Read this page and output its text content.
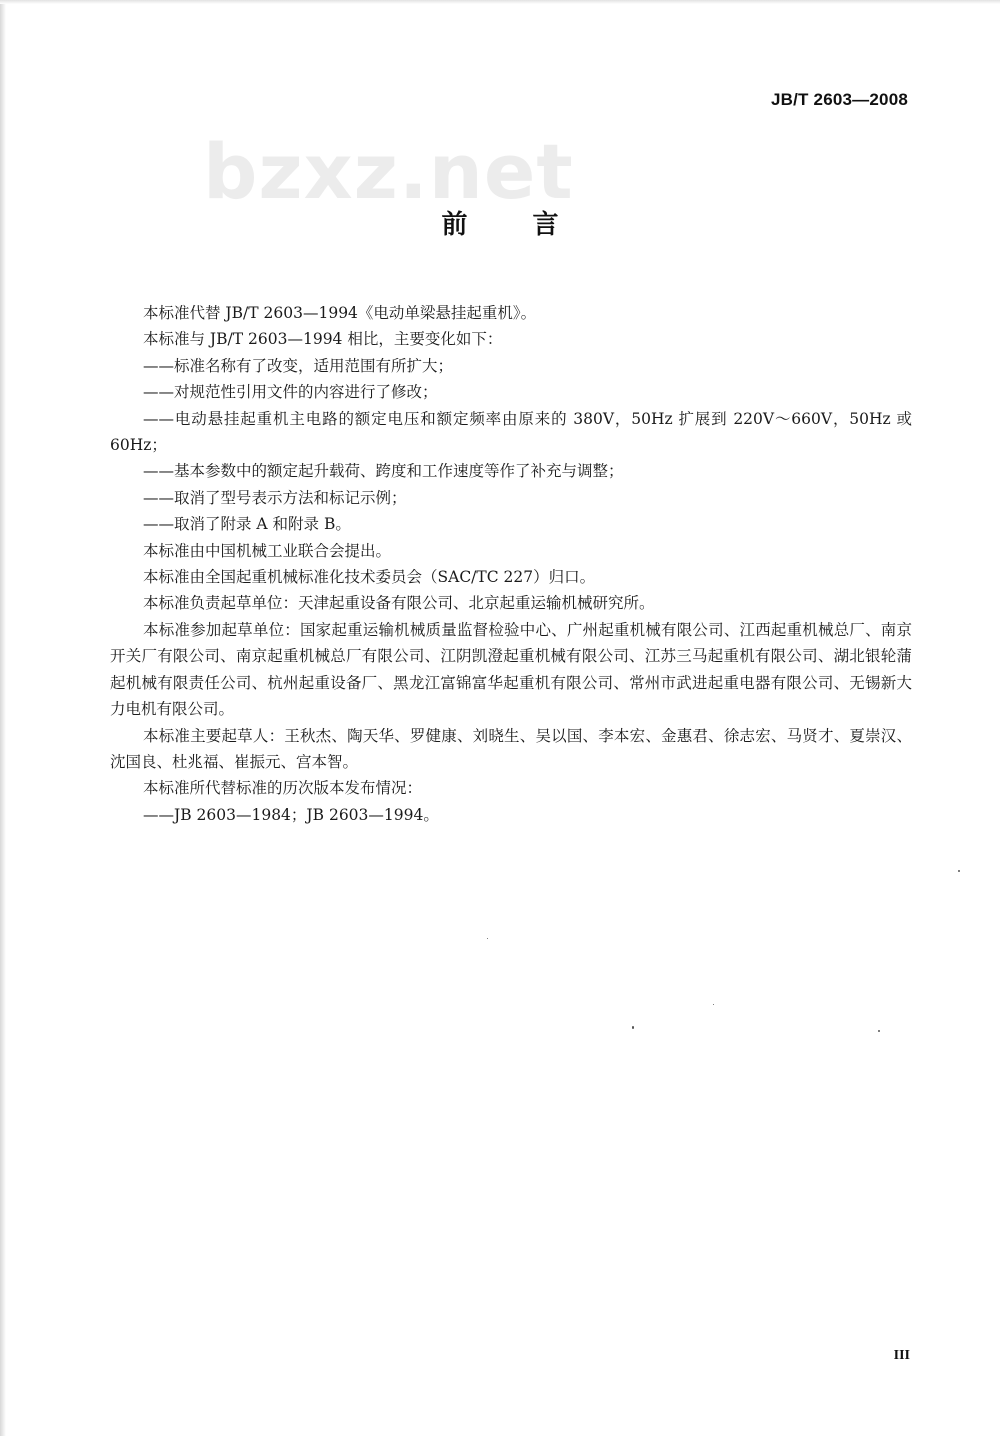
JB/T 2603—2008
bzxz.net
前 言

本标准代替 JB/T 2603—1994《电动单梁悬挂起重机》。

本标准与 JB/T 2603—1994 相比，主要变化如下：

——标准名称有了改变，适用范围有所扩大；

——对规范性引用文件的内容进行了修改；

——电动悬挂起重机主电路的额定电压和额定频率由原来的 380V，50Hz 扩展到 220V～660V，50Hz 或 60Hz；

——基本参数中的额定起升载荷、跨度和工作速度等作了补充与调整；

——取消了型号表示方法和标记示例；

——取消了附录 A 和附录 B。

本标准由中国机械工业联合会提出。

本标准由全国起重机械标准化技术委员会（SAC/TC 227）归口。

本标准负责起草单位：天津起重设备有限公司、北京起重运输机械研究所。

本标准参加起草单位：国家起重运输机械质量监督检验中心、广州起重机械有限公司、江西起重机械总厂、南京开关厂有限公司、南京起重机械总厂有限公司、江阴凯澄起重机械有限公司、江苏三马起重机有限公司、湖北银轮蒲起机械有限责任公司、杭州起重设备厂、黑龙江富锦富华起重机有限公司、常州市武进起重电器有限公司、无锡新大力电机有限公司。

本标准主要起草人：王秋杰、陶天华、罗健康、刘晓生、吴以国、李本宏、金惠君、徐志宏、马贤才、夏崇汉、沈国良、杜兆福、崔振元、宫本智。

本标准所代替标准的历次版本发布情况：

——JB 2603—1984；JB 2603—1994。

III
